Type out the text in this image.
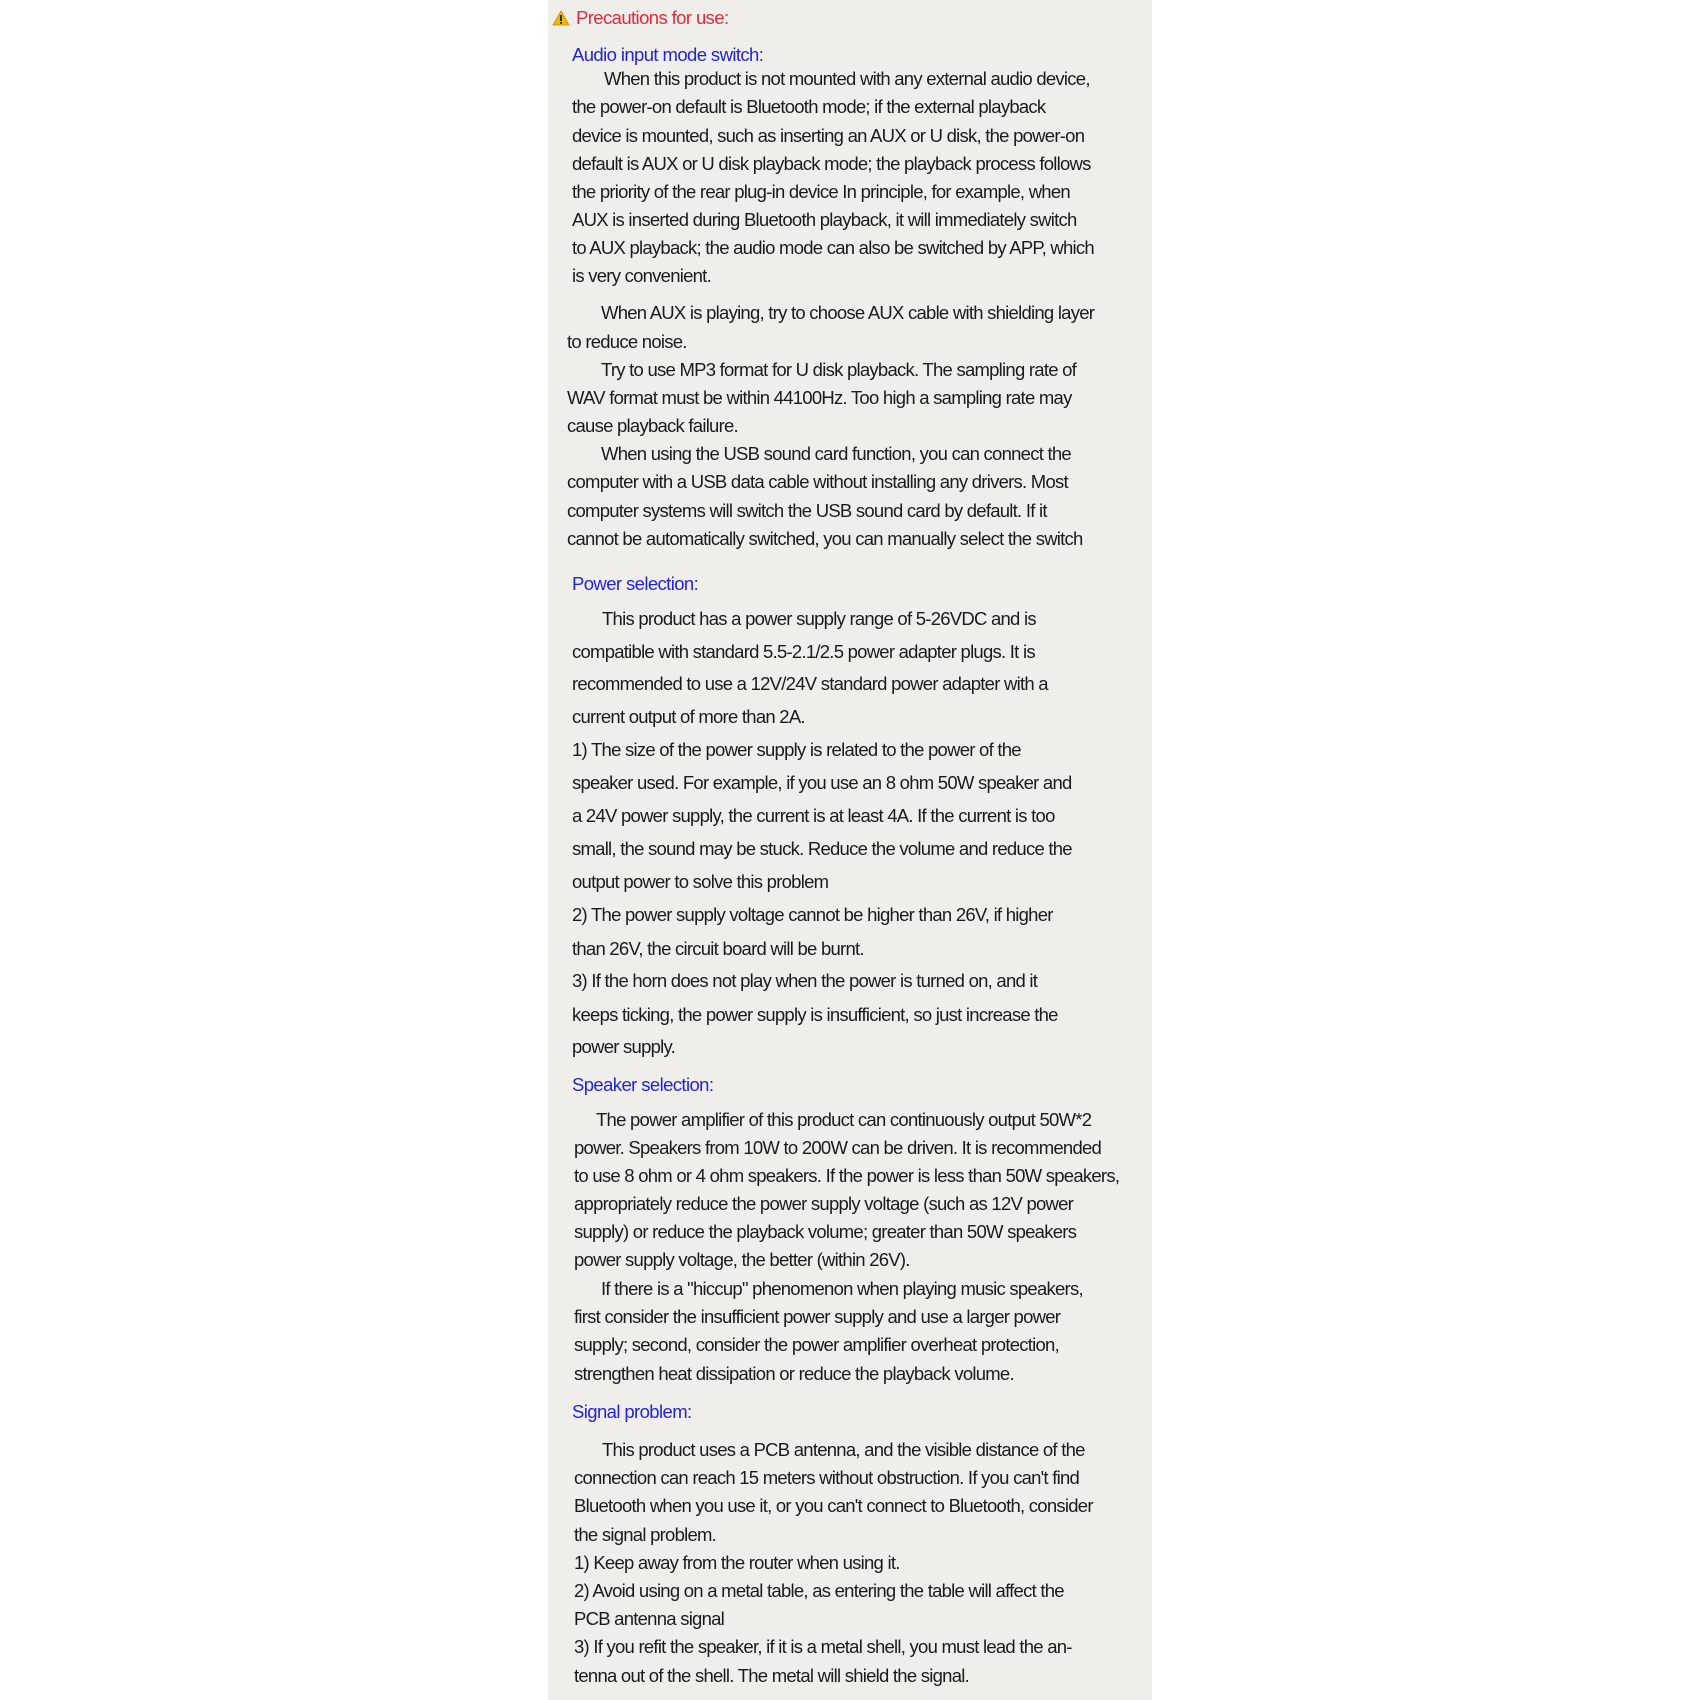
Precautions for use:
Audio input mode switch:
When this product is not mounted with any external audio device,
the power-on default is Bluetooth mode; if the external playback
device is mounted, such as inserting an AUX or U disk, the power-on
default is AUX or U disk playback mode; the playback process follows
the priority of the rear plug-in device In principle, for example, when
AUX is inserted during Bluetooth playback, it will immediately switch
to AUX playback; the audio mode can also be switched by APP, which
is very convenient.
When AUX is playing, try to choose AUX cable with shielding layer
to reduce noise.
Try to use MP3 format for U disk playback. The sampling rate of
WAV format must be within 44100Hz. Too high a sampling rate may
cause playback failure.
When using the USB sound card function, you can connect the
computer with a USB data cable without installing any drivers. Most
computer systems will switch the USB sound card by default. If it
cannot be automatically switched, you can manually select the switch
Power selection:
This product has a power supply range of 5-26VDC and is
compatible with standard 5.5-2.1/2.5 power adapter plugs. It is
recommended to use a 12V/24V standard power adapter with a
current output of more than 2A.
1) The size of the power supply is related to the power of the
speaker used. For example, if you use an 8 ohm 50W speaker and
a 24V power supply, the current is at least 4A. If the current is too
small, the sound may be stuck. Reduce the volume and reduce the
output power to solve this problem
2) The power supply voltage cannot be higher than 26V, if higher
than 26V, the circuit board will be burnt.
3) If the horn does not play when the power is turned on, and it
keeps ticking, the power supply is insufficient, so just increase the
power supply.
Speaker selection:
The power amplifier of this product can continuously output 50W*2
power. Speakers from 10W to 200W can be driven. It is recommended
to use 8 ohm or 4 ohm speakers. If the power is less than 50W speakers,
appropriately reduce the power supply voltage (such as 12V power
supply) or reduce the playback volume; greater than 50W speakers
power supply voltage, the better (within 26V).
If there is a "hiccup" phenomenon when playing music speakers,
first consider the insufficient power supply and use a larger power
supply; second, consider the power amplifier overheat protection,
strengthen heat dissipation or reduce the playback volume.
Signal problem:
This product uses a PCB antenna, and the visible distance of the
connection can reach 15 meters without obstruction. If you can't find
Bluetooth when you use it, or you can't connect to Bluetooth, consider
the signal problem.
1) Keep away from the router when using it.
2) Avoid using on a metal table, as entering the table will affect the
PCB antenna signal
3) If you refit the speaker, if it is a metal shell, you must lead the an-
tenna out of the shell. The metal will shield the signal.
